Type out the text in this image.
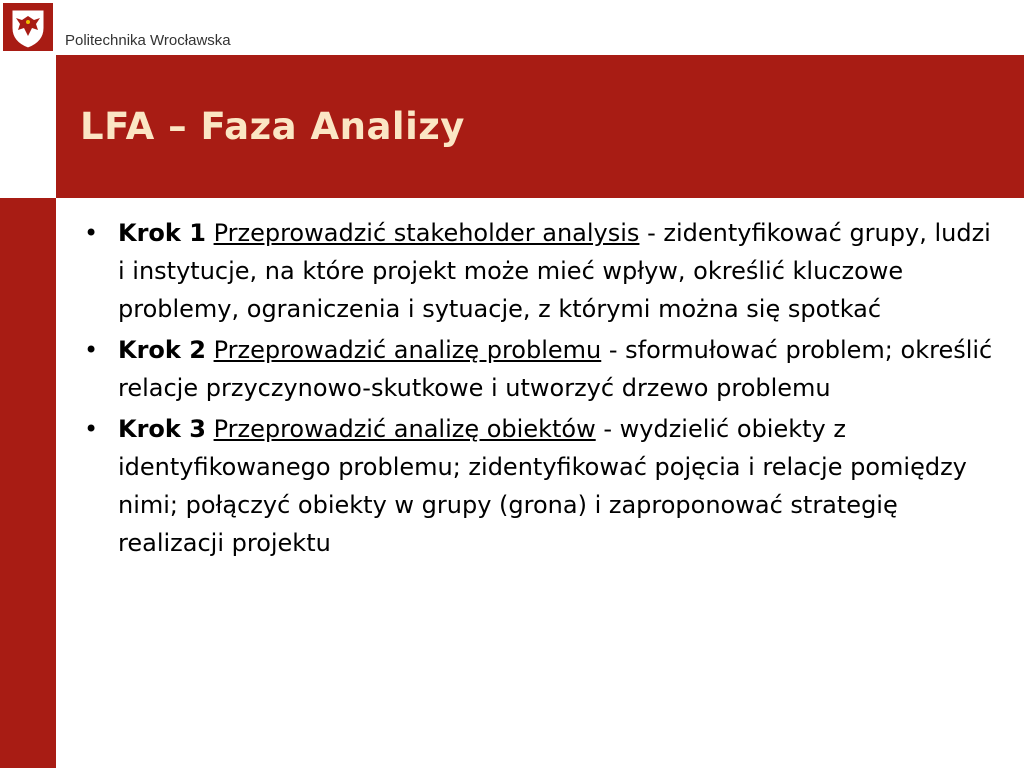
Politechnika Wrocławska
LFA – Faza Analizy
• Krok 1 Przeprowadzić stakeholder analysis - zidentyfikować grupy, ludzi i instytucje, na które projekt może mieć wpływ, określić kluczowe problemy, ograniczenia i sytuacje, z którymi można się spotkać
• Krok 2 Przeprowadzić analizę problemu - sformułować problem; określić relacje przyczynowo-skutkowe i utworzyć drzewo problemu
• Krok 3 Przeprowadzić analizę obiektów - wydzielić obiekty z identyfikowanego problemu; zidentyfikować pojęcia i relacje pomiędzy nimi; połączyć obiekty w grupy (grona) i zaproponować strategię realizacji projektu
